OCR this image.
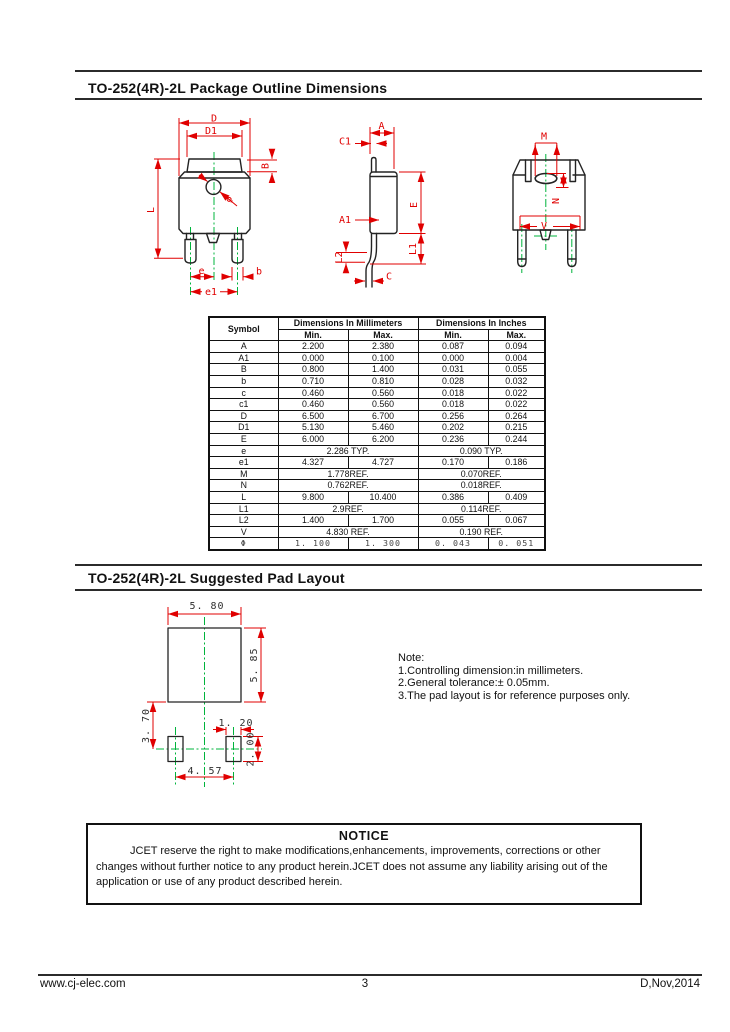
TO-252(4R)-2L Package Outline Dimensions
D
D1
B
L
Φ
e	b
e1
A
C1
A1
E
L1
L2
C
M
N
V
Symbol	Dimensions In Millimeters		Dimensions In Inches	
	Min.	Max.	Min.	Max.
A	2.200	2.380	0.087	0.094
A1	0.000	0.100	0.000	0.004
B	0.800	1.400	0.031	0.055
b	0.710	0.810	0.028	0.032
c	0.460	0.560	0.018	0.022
c1	0.460	0.560	0.018	0.022
D	6.500	6.700	0.256	0.264
D1	5.130	5.460	0.202	0.215
E	6.000	6.200	0.236	0.244
e	2.286 TYP.		0.090 TYP.	
e1	4.327	4.727	0.170	0.186
M	1.778REF.		0.070REF.	
N	0.762REF.		0.018REF.	
L	9.800	10.400	0.386	0.409
L1	2.9REF.		0.114REF.	
L2	1.400	1.700	0.055	0.067
V	4.830 REF.		0.190 REF.	
Φ	1. 100	1. 300	0. 043	0. 051
TO-252(4R)-2L Suggested Pad Layout
5. 80
5. 85
3. 70	1. 20
2. 00
4. 57
Note:
1.Controlling dimension:in millimeters.
2.General tolerance:± 0.05mm.
3.The pad layout is for reference purposes only.
NOTICE
JCET reserve the right to make modifications,enhancements, improvements, corrections or other changes without further notice to any product herein.JCET does not assume any liability arising out of the application or use of any product described herein.
3
www.cj-elec.com	D,Nov,2014
